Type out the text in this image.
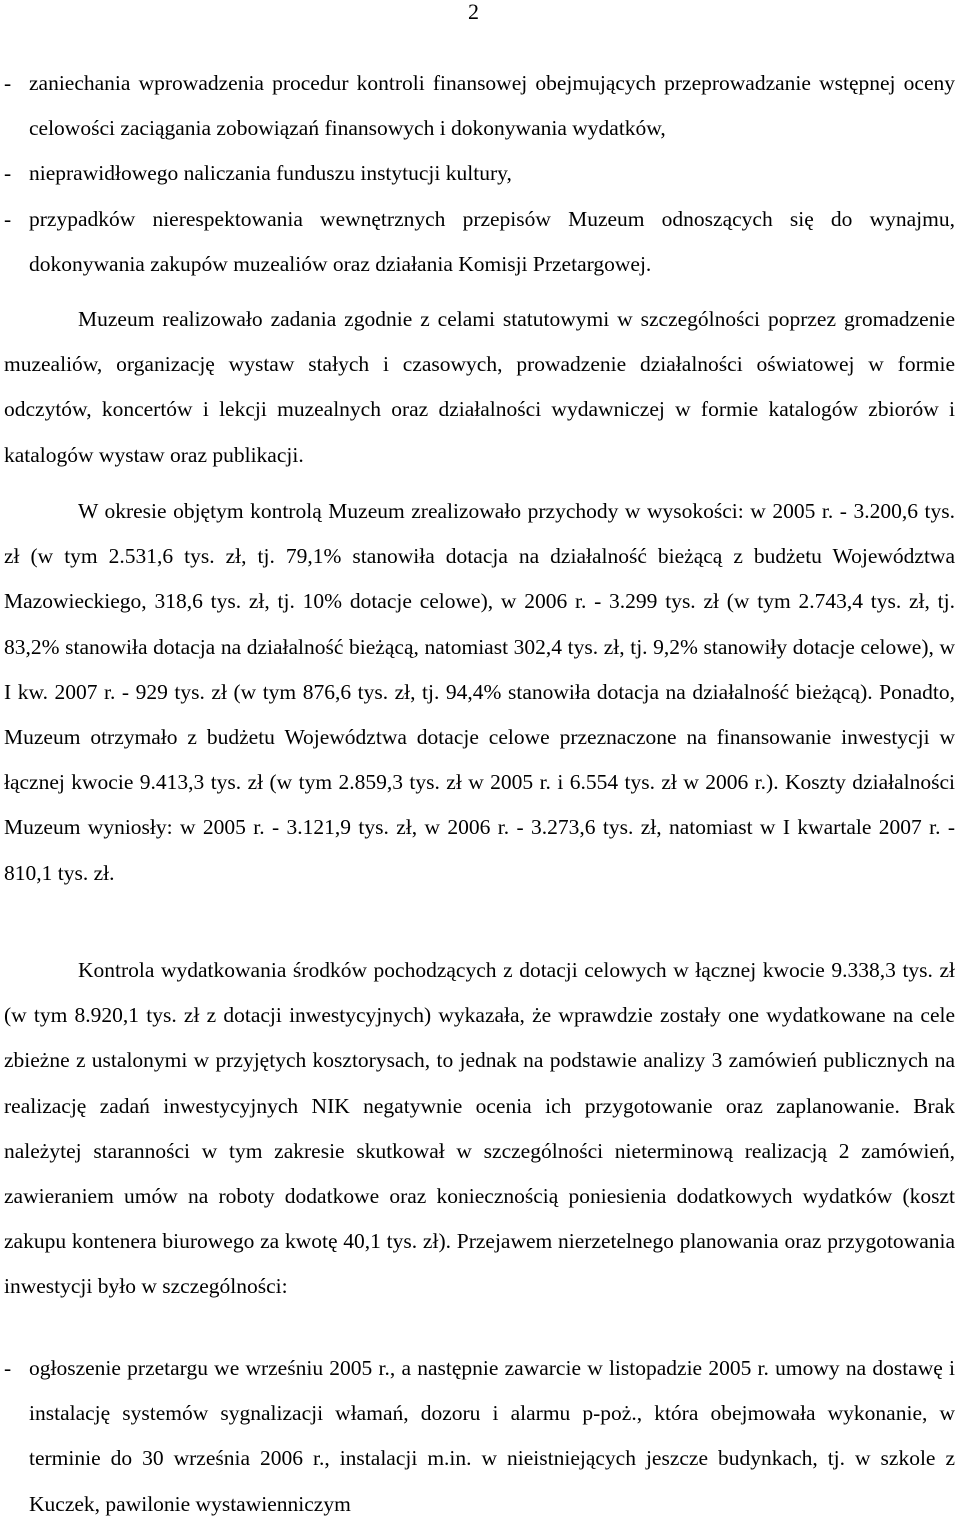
2

- zaniechania wprowadzenia procedur kontroli finansowej obejmujących przeprowadzanie wstępnej oceny celowości zaciągania zobowiązań finansowych i dokonywania wydatków,

- nieprawidłowego naliczania funduszu instytucji kultury,

- przypadków nierespektowania wewnętrznych przepisów Muzeum odnoszących się do wynajmu, dokonywania zakupów muzealiów oraz działania Komisji Przetargowej.

Muzeum realizowało zadania zgodnie z celami statutowymi w szczególności poprzez gromadzenie muzealiów, organizację wystaw stałych i czasowych, prowadzenie działalności oświatowej w formie odczytów, koncertów i lekcji muzealnych oraz działalności wydawniczej w formie katalogów zbiorów i katalogów wystaw oraz publikacji.

W okresie objętym kontrolą Muzeum zrealizowało przychody w wysokości: w 2005 r. - 3.200,6 tys. zł (w tym 2.531,6 tys. zł, tj. 79,1% stanowiła dotacja na działalność bieżącą z budżetu Województwa Mazowieckiego, 318,6 tys. zł, tj. 10% dotacje celowe), w 2006 r. - 3.299 tys. zł (w tym 2.743,4 tys. zł, tj. 83,2% stanowiła dotacja na działalność bieżącą, natomiast 302,4 tys. zł, tj. 9,2% stanowiły dotacje celowe), w I kw. 2007 r. - 929 tys. zł (w tym 876,6 tys. zł, tj. 94,4% stanowiła dotacja na działalność bieżącą). Ponadto, Muzeum otrzymało z budżetu Województwa dotacje celowe przeznaczone na finansowanie inwestycji w łącznej kwocie 9.413,3 tys. zł (w tym 2.859,3 tys. zł w 2005 r. i 6.554 tys. zł w 2006 r.). Koszty działalności Muzeum wyniosły: w 2005 r. - 3.121,9 tys. zł, w 2006 r. - 3.273,6 tys. zł, natomiast w I kwartale 2007 r. - 810,1 tys. zł.

Kontrola wydatkowania środków pochodzących z dotacji celowych w łącznej kwocie 9.338,3 tys. zł (w tym 8.920,1 tys. zł z dotacji inwestycyjnych) wykazała, że wprawdzie zostały one wydatkowane na cele zbieżne z ustalonymi w przyjętych kosztorysach, to jednak na podstawie analizy 3 zamówień publicznych na realizację zadań inwestycyjnych NIK negatywnie ocenia ich przygotowanie oraz zaplanowanie. Brak należytej staranności w tym zakresie skutkował w szczególności nieterminową realizacją 2 zamówień, zawieraniem umów na roboty dodatkowe oraz koniecznością poniesienia dodatkowych wydatków (koszt zakupu kontenera biurowego za kwotę 40,1 tys. zł). Przejawem nierzetelnego planowania oraz przygotowania inwestycji było w szczególności:

- ogłoszenie przetargu we wrześniu 2005 r., a następnie zawarcie w listopadzie 2005 r. umowy na dostawę i instalację systemów sygnalizacji włamań, dozoru i alarmu p-poż., która obejmowała wykonanie, w terminie do 30 września 2006 r., instalacji m.in. w nieistniejących jeszcze budynkach, tj. w szkole z Kuczek, pawilonie wystawienniczym
